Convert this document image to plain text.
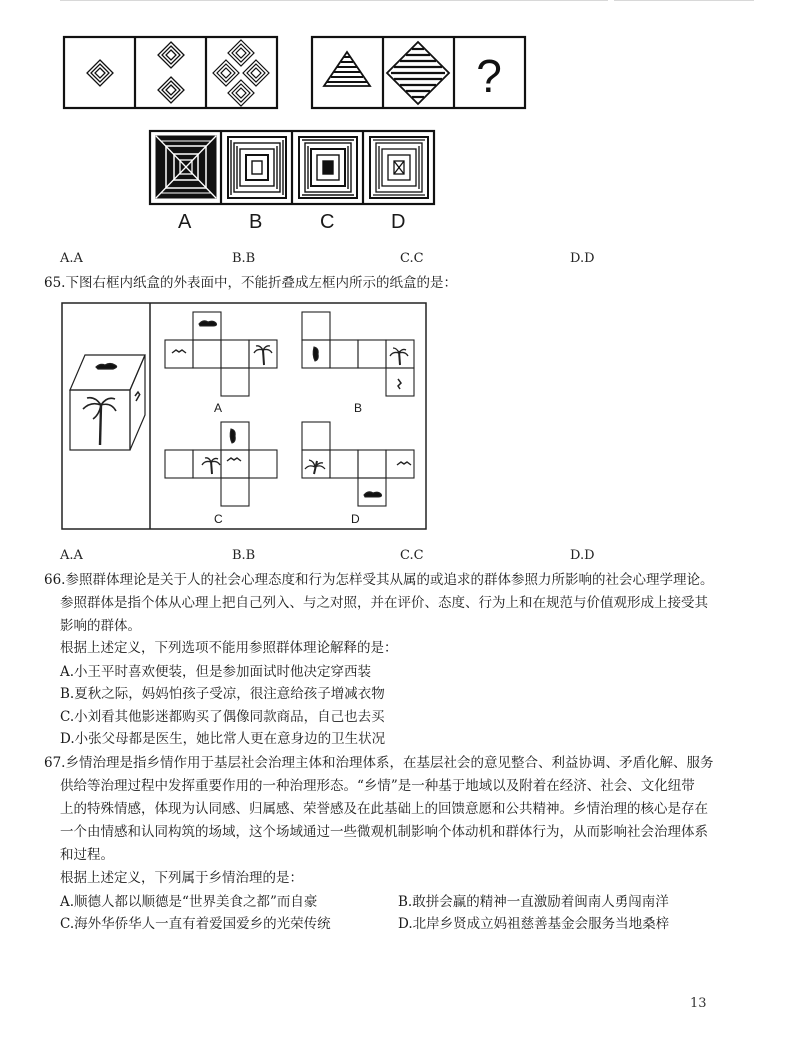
?
A	B	C	D
A.A	B.B	C.C	D.D
65.下图右框内纸盒的外表面中，不能折叠成左框内所示的纸盒的是：
A	B
C	D
A.A	B.B	C.C	D.D
66.参照群体理论是关于人的社会心理态度和行为怎样受其从属的或追求的群体参照力所影响的社会心理学理论。
参照群体是指个体从心理上把自己列入、与之对照，并在评价、态度、行为上和在规范与价值观形成上接受其
影响的群体。
根据上述定义，下列选项不能用参照群体理论解释的是：
A.小王平时喜欢便装，但是参加面试时他决定穿西装
B.夏秋之际，妈妈怕孩子受凉，很注意给孩子增减衣物
C.小刘看其他影迷都购买了偶像同款商品，自己也去买
D.小张父母都是医生，她比常人更在意身边的卫生状况
67.乡情治理是指乡情作用于基层社会治理主体和治理体系，在基层社会的意见整合、利益协调、矛盾化解、服务
供给等治理过程中发挥重要作用的一种治理形态。“乡情”是一种基于地域以及附着在经济、社会、文化纽带
上的特殊情感，体现为认同感、归属感、荣誉感及在此基础上的回馈意愿和公共精神。乡情治理的核心是存在
一个由情感和认同构筑的场域，这个场域通过一些微观机制影响个体动机和群体行为，从而影响社会治理体系
和过程。
根据上述定义，下列属于乡情治理的是：
A.顺德人都以顺德是“世界美食之都”而自豪	B.敢拼会赢的精神一直激励着闽南人勇闯南洋
C.海外华侨华人一直有着爱国爱乡的光荣传统	D.北岸乡贤成立妈祖慈善基金会服务当地桑梓
13
